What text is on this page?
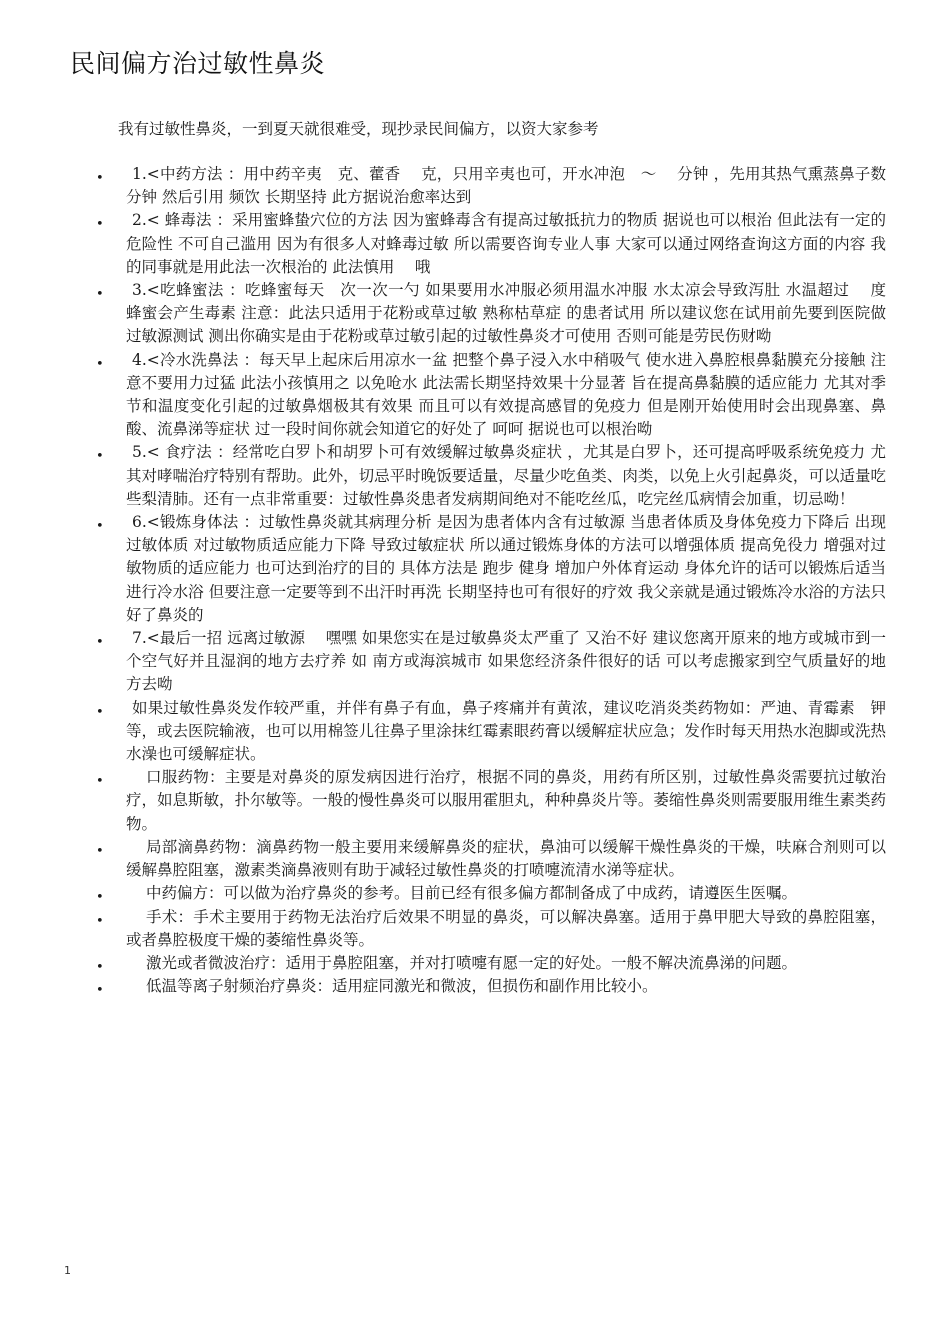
民间偏方治过敏性鼻炎
我有过敏性鼻炎，一到夏天就很难受，现抄录民间偏方，以资大家参考
•	1.<中药方法 ：用中药辛夷　克、藿香　 克，只用辛夷也可，开水冲泡　～　 分钟 ，先用其热气熏蒸鼻子数分钟 然后引用 频饮 长期坚持 此方据说治愈率达到
•	2.< 蜂毒法 ：采用蜜蜂蛰穴位的方法 因为蜜蜂毒含有提高过敏抵抗力的物质 据说也可以根治 但此法有一定的危险性 不可自己滥用 因为有很多人对蜂毒过敏 所以需要咨询专业人事 大家可以通过网络查询这方面的内容 我的同事就是用此法一次根治的 此法慎用　 哦
•	3.<吃蜂蜜法 ：吃蜂蜜每天　次一次一勺 如果要用水冲服必须用温水冲服 水太凉会导致泻肚 水温超过　 度 蜂蜜会产生毒素 注意：此法只适用于花粉或草过敏 熟称枯草症 的患者试用 所以建议您在试用前先要到医院做过敏源测试 测出你确实是由于花粉或草过敏引起的过敏性鼻炎才可使用 否则可能是劳民伤财呦
•	4.<冷水洗鼻法 ：每天早上起床后用凉水一盆 把整个鼻子浸入水中稍吸气 使水进入鼻腔根鼻黏膜充分接触 注意不要用力过猛 此法小孩慎用之 以免呛水 此法需长期坚持效果十分显著 旨在提高鼻黏膜的适应能力 尤其对季节和温度变化引起的过敏鼻烟极其有效果 而且可以有效提高感冒的免疫力 但是刚开始使用时会出现鼻塞、鼻酸、流鼻涕等症状 过一段时间你就会知道它的好处了 呵呵 据说也可以根治呦
•	5.< 食疗法 ：经常吃白罗卜和胡罗卜可有效缓解过敏鼻炎症状 ，尤其是白罗卜，还可提高呼吸系统免疫力 尤其对哮喘治疗特别有帮助。此外，切忌平时晚饭要适量，尽量少吃鱼类、肉类，以免上火引起鼻炎，可以适量吃些梨清肺。还有一点非常重要：过敏性鼻炎患者发病期间绝对不能吃丝瓜，吃完丝瓜病情会加重，切忌呦！
•	6.<锻炼身体法 ：过敏性鼻炎就其病理分析 是因为患者体内含有过敏源 当患者体质及身体免疫力下降后 出现过敏体质 对过敏物质适应能力下降 导致过敏症状 所以通过锻炼身体的方法可以增强体质 提高免役力 增强对过敏物质的适应能力 也可达到治疗的目的 具体方法是 跑步 健身 增加户外体育运动 身体允许的话可以锻炼后适当进行冷水浴 但要注意一定要等到不出汗时再洗 长期坚持也可有很好的疗效 我父亲就是通过锻炼冷水浴的方法只好了鼻炎的
•	7.<最后一招 远离过敏源　 嘿嘿 如果您实在是过敏鼻炎太严重了 又治不好 建议您离开原来的地方或城市到一个空气好并且湿润的地方去疗养 如 南方或海滨城市 如果您经济条件很好的话 可以考虑搬家到空气质量好的地方去呦
•	如果过敏性鼻炎发作较严重，并伴有鼻子有血，鼻子疼痛并有黄浓，建议吃消炎类药物如：严迪、青霉素　钾等，或去医院输液，也可以用棉签儿往鼻子里涂抹红霉素眼药膏以缓解症状应急；发作时每天用热水泡脚或洗热水澡也可缓解症状。
•	口服药物：主要是对鼻炎的原发病因进行治疗，根据不同的鼻炎，用药有所区别，过敏性鼻炎需要抗过敏治疗，如息斯敏，扑尔敏等。一般的慢性鼻炎可以服用霍胆丸，种种鼻炎片等。萎缩性鼻炎则需要服用维生素类药物。
•	局部滴鼻药物：滴鼻药物一般主要用来缓解鼻炎的症状，鼻油可以缓解干燥性鼻炎的干燥，呋麻合剂则可以缓解鼻腔阻塞，激素类滴鼻液则有助于减轻过敏性鼻炎的打喷嚏流清水涕等症状。
•	中药偏方：可以做为治疗鼻炎的参考。目前已经有很多偏方都制备成了中成药，请遵医生医嘱。
•	手术：手术主要用于药物无法治疗后效果不明显的鼻炎，可以解决鼻塞。适用于鼻甲肥大导致的鼻腔阻塞，或者鼻腔极度干燥的萎缩性鼻炎等。
•	激光或者微波治疗：适用于鼻腔阻塞，并对打喷嚏有愿一定的好处。一般不解决流鼻涕的问题。
•	低温等离子射频治疗鼻炎：适用症同激光和微波，但损伤和副作用比较小。
1
